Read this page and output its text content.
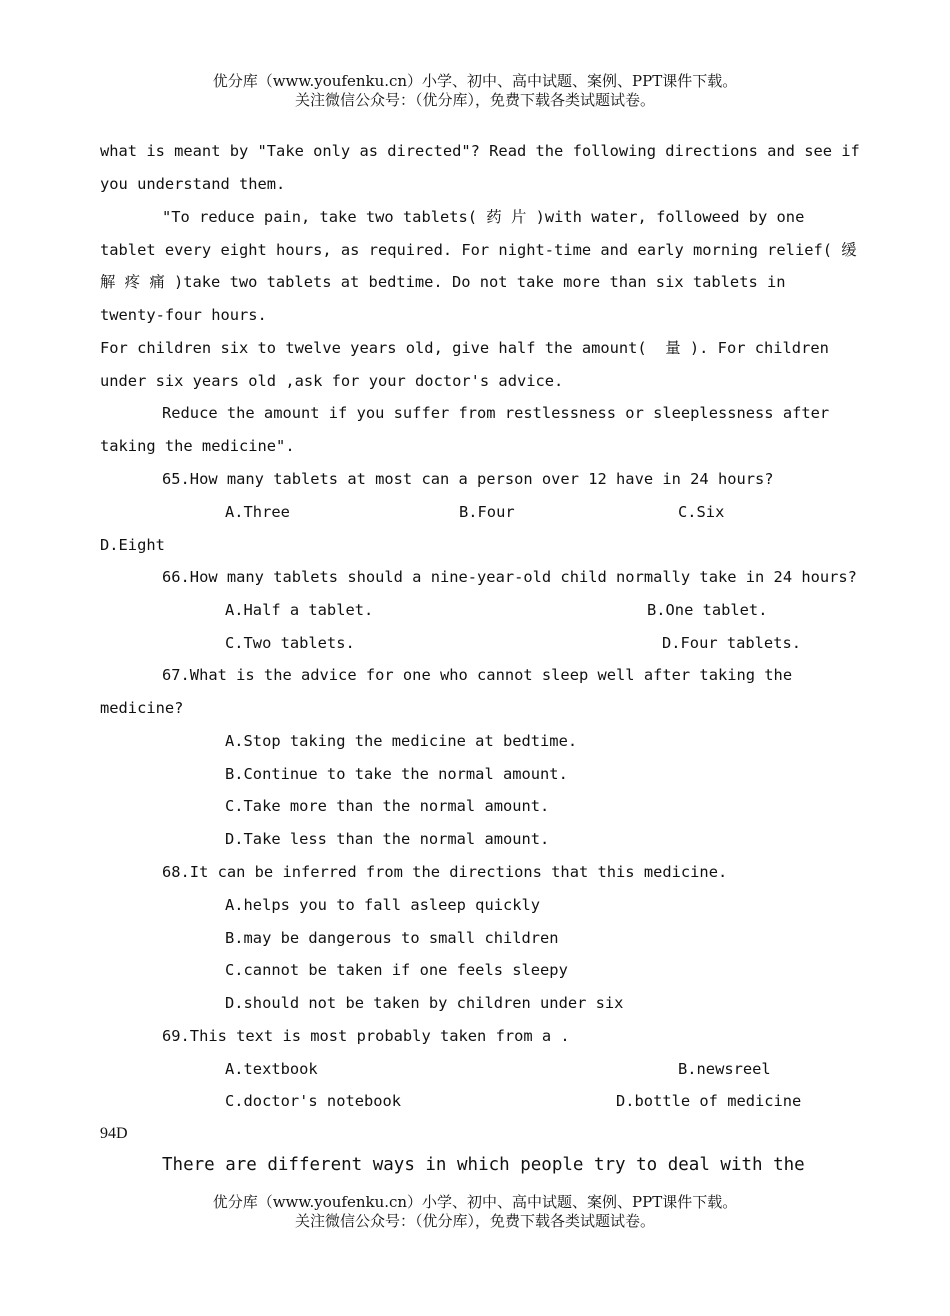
优分库（www.youfenku.cn）小学、初中、高中试题、案例、PPT课件下载。
关注微信公众号：（优分库），免费下载各类试题试卷。
what is meant by "Take only as directed"? Read the following directions and see if
you understand them.
"To reduce pain, take two tablets( 药 片 )with water, followeed by one
tablet every eight hours, as required. For night-time and early morning relief( 缓
解 疼 痛 )take two tablets at bedtime. Do not take more than six tablets in
twenty-four hours.
For children six to twelve years old, give half the amount(  量 ). For children
under six years old ,ask for your doctor's advice.
Reduce the amount if you suffer from restlessness or sleeplessness after
taking the medicine".
65.How many tablets at most can a person over 12 have in 24 hours?
A.Three	B.Four	C.Six
D.Eight
66.How many tablets should a nine-year-old child normally take in 24 hours?
A.Half a tablet.	B.One tablet.
C.Two tablets.	D.Four tablets.
67.What is the advice for one who cannot sleep well after taking the
medicine?
A.Stop taking the medicine at bedtime.
B.Continue to take the normal amount.
C.Take more than the normal amount.
D.Take less than the normal amount.
68.It can be inferred from the directions that this medicine.
A.helps you to fall asleep quickly
B.may be dangerous to small children
C.cannot be taken if one feels sleepy
D.should not be taken by children under six
69.This text is most probably taken from a .
A.textbook	B.newsreel
C.doctor's notebook	D.bottle of medicine
94D
There are different ways in which people try to deal with the
优分库（www.youfenku.cn）小学、初中、高中试题、案例、PPT课件下载。
关注微信公众号：（优分库），免费下载各类试题试卷。
